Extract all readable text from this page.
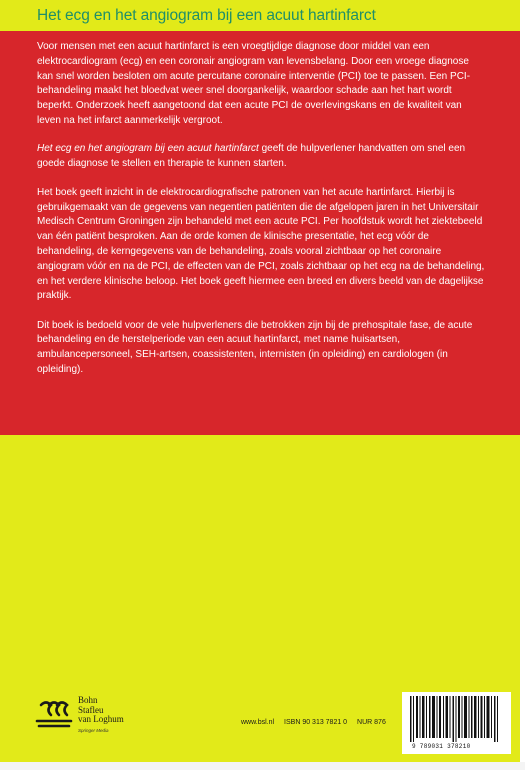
Het ecg en het angiogram bij een acuut hartinfarct

Voor mensen met een acuut hartinfarct is een vroegtijdige diagnose door middel van een elektrocardiogram (ecg) en een coronair angiogram van levensbelang. Door een vroege diagnose kan snel worden besloten om acute percutane coronaire interventie (PCI) toe te passen. Een PCI-behandeling maakt het bloedvat weer snel doorgankelijk, waardoor schade aan het hart wordt beperkt. Onderzoek heeft aangetoond dat een acute PCI de overlevingskans en de kwaliteit van leven na het infarct aanmerkelijk vergroot.

Het ecg en het angiogram bij een acuut hartinfarct geeft de hulpverlener handvatten om snel een goede diagnose te stellen en therapie te kunnen starten.

Het boek geeft inzicht in de elektrocardiografische patronen van het acute hartinfarct. Hierbij is gebruikgemaakt van de gegevens van negentien patiënten die de afgelopen jaren in het Universitair Medisch Centrum Groningen zijn behandeld met een acute PCI. Per hoofdstuk wordt het ziektebeeld van één patiënt besproken. Aan de orde komen de klinische presentatie, het ecg vóór de behandeling, de kerngegevens van de behandeling, zoals vooral zichtbaar op het coronaire angiogram vóór en na de PCI, de effecten van de PCI, zoals zichtbaar op het ecg na de behandeling, en het verdere klinische beloop. Het boek geeft hiermee een breed en divers beeld van de dagelijkse praktijk.

Dit boek is bedoeld voor de vele hulpverleners die betrokken zijn bij de prehospitale fase, de acute behandeling en de herstelperiode van een acuut hartinfarct, met name huisartsen, ambulancepersoneel, SEH-artsen, coassistenten, internisten (in opleiding) en cardiologen (in opleiding).

Bohn
Stafleu
van Loghum
Springer Media
www.bsl.nl ISBN 90 313 7821 0 NUR 876
9 789031 378210
